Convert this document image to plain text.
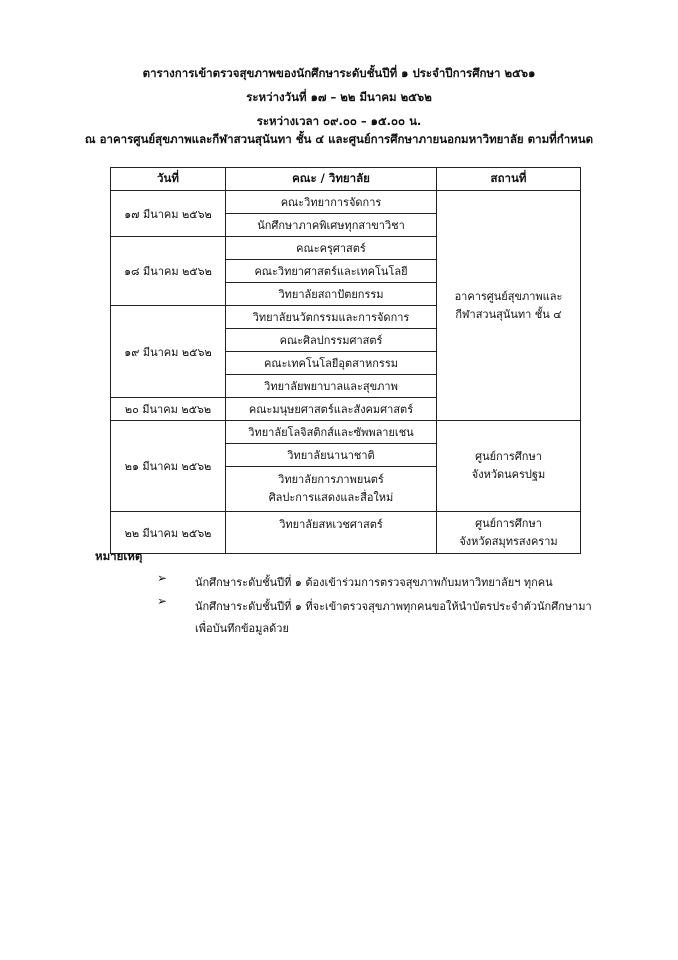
ตารางการเข้าตรวจสุขภาพของนักศึกษาระดับชั้นปีที่ ๑ ประจำปีการศึกษา ๒๕๖๑
ระหว่างวันที่ ๑๗ – ๒๒ มีนาคม ๒๕๖๒
ระหว่างเวลา ๐๙.๐๐ – ๑๕.๐๐ น.
ณ อาคารศูนย์สุขภาพและกีฬาสวนสุนันทา ชั้น ๔ และศูนย์การศึกษาภายนอกมหาวิทยาลัย ตามที่กำหนด
วันที่	คณะ / วิทยาลัย	สถานที่
๑๗ มีนาคม ๒๕๖๒	คณะวิทยาการจัดการ	อาคารศูนย์สุขภาพและ
กีฬาสวนสุนันทา ชั้น ๔

	นักศึกษาภาคพิเศษทุกสาขาวิชา	
๑๘ มีนาคม ๒๕๖๒	คณะครุศาสตร์	
	คณะวิทยาศาสตร์และเทคโนโลยี	
	วิทยาลัยสถาปัตยกรรม	
๑๙ มีนาคม ๒๕๖๒	วิทยาลัยนวัตกรรมและการจัดการ	
	คณะศิลปกรรมศาสตร์	
	คณะเทคโนโลยีอุตสาหกรรม	
	วิทยาลัยพยาบาลและสุขภาพ	
๒๐ มีนาคม ๒๕๖๒	คณะมนุษยศาสตร์และสังคมศาสตร์	
๒๑ มีนาคม ๒๕๖๒	วิทยาลัยโลจิสติกส์และซัพพลายเชน	ศูนย์การศึกษา
จังหวัดนครปฐม

	วิทยาลัยนานาชาติ	

	วิทยาลัยการภาพยนตร์
ศิลปะการแสดงและสื่อใหม่	

๒๒ มีนาคม ๒๕๖๒	วิทยาลัยสหเวชศาสตร์	ศูนย์การศึกษา
จังหวัดสมุทรสงคราม
หมายเหตุ
➢	นักศึกษาระดับชั้นปีที่ ๑ ต้องเข้าร่วมการตรวจสุขภาพกับมหาวิทยาลัยฯ ทุกคน
➢	นักศึกษาระดับชั้นปีที่ ๑ ที่จะเข้าตรวจสุขภาพทุกคนขอให้นำบัตรประจำตัวนักศึกษามา
เพื่อบันทึกข้อมูลด้วย
